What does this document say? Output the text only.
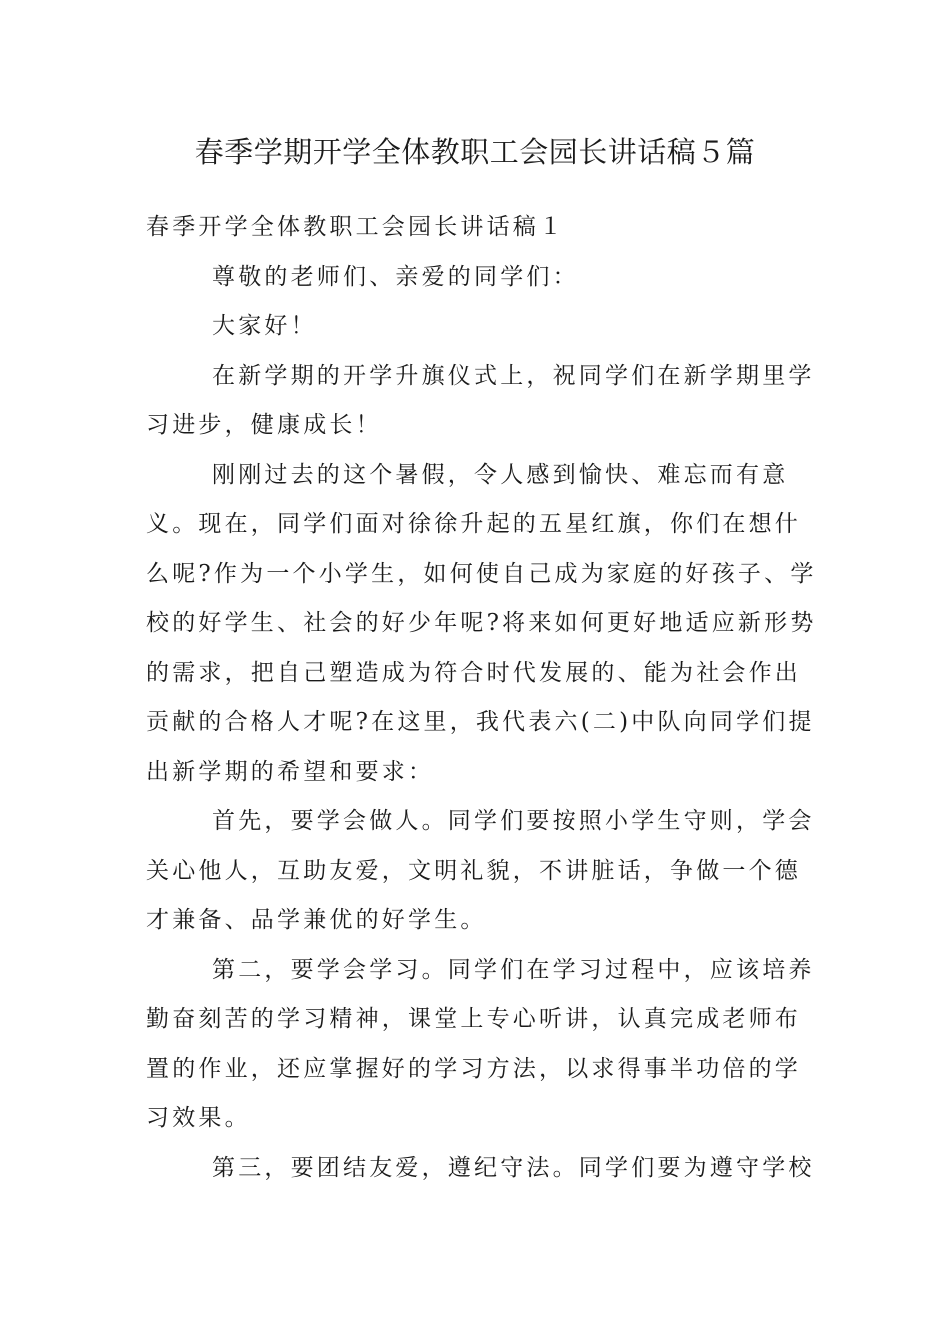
春季学期开学全体教职工会园长讲话稿５篇

春季开学全体教职工会园长讲话稿１

尊敬的老师们、亲爱的同学们：

大家好！

在新学期的开学升旗仪式上，祝同学们在新学期里学习进步，健康成长！

刚刚过去的这个暑假，令人感到愉快、难忘而有意义。现在，同学们面对徐徐升起的五星红旗，你们在想什么呢?作为一个小学生，如何使自己成为家庭的好孩子、学校的好学生、社会的好少年呢?将来如何更好地适应新形势的需求，把自己塑造成为符合时代发展的、能为社会作出贡献的合格人才呢?在这里，我代表六(二)中队向同学们提出新学期的希望和要求：

首先，要学会做人。同学们要按照小学生守则，学会关心他人，互助友爱，文明礼貌，不讲脏话，争做一个德才兼备、品学兼优的好学生。

第二，要学会学习。同学们在学习过程中，应该培养勤奋刻苦的学习精神，课堂上专心听讲，认真完成老师布置的作业，还应掌握好的学习方法，以求得事半功倍的学习效果。

第三，要团结友爱，遵纪守法。同学们要为遵守学校
